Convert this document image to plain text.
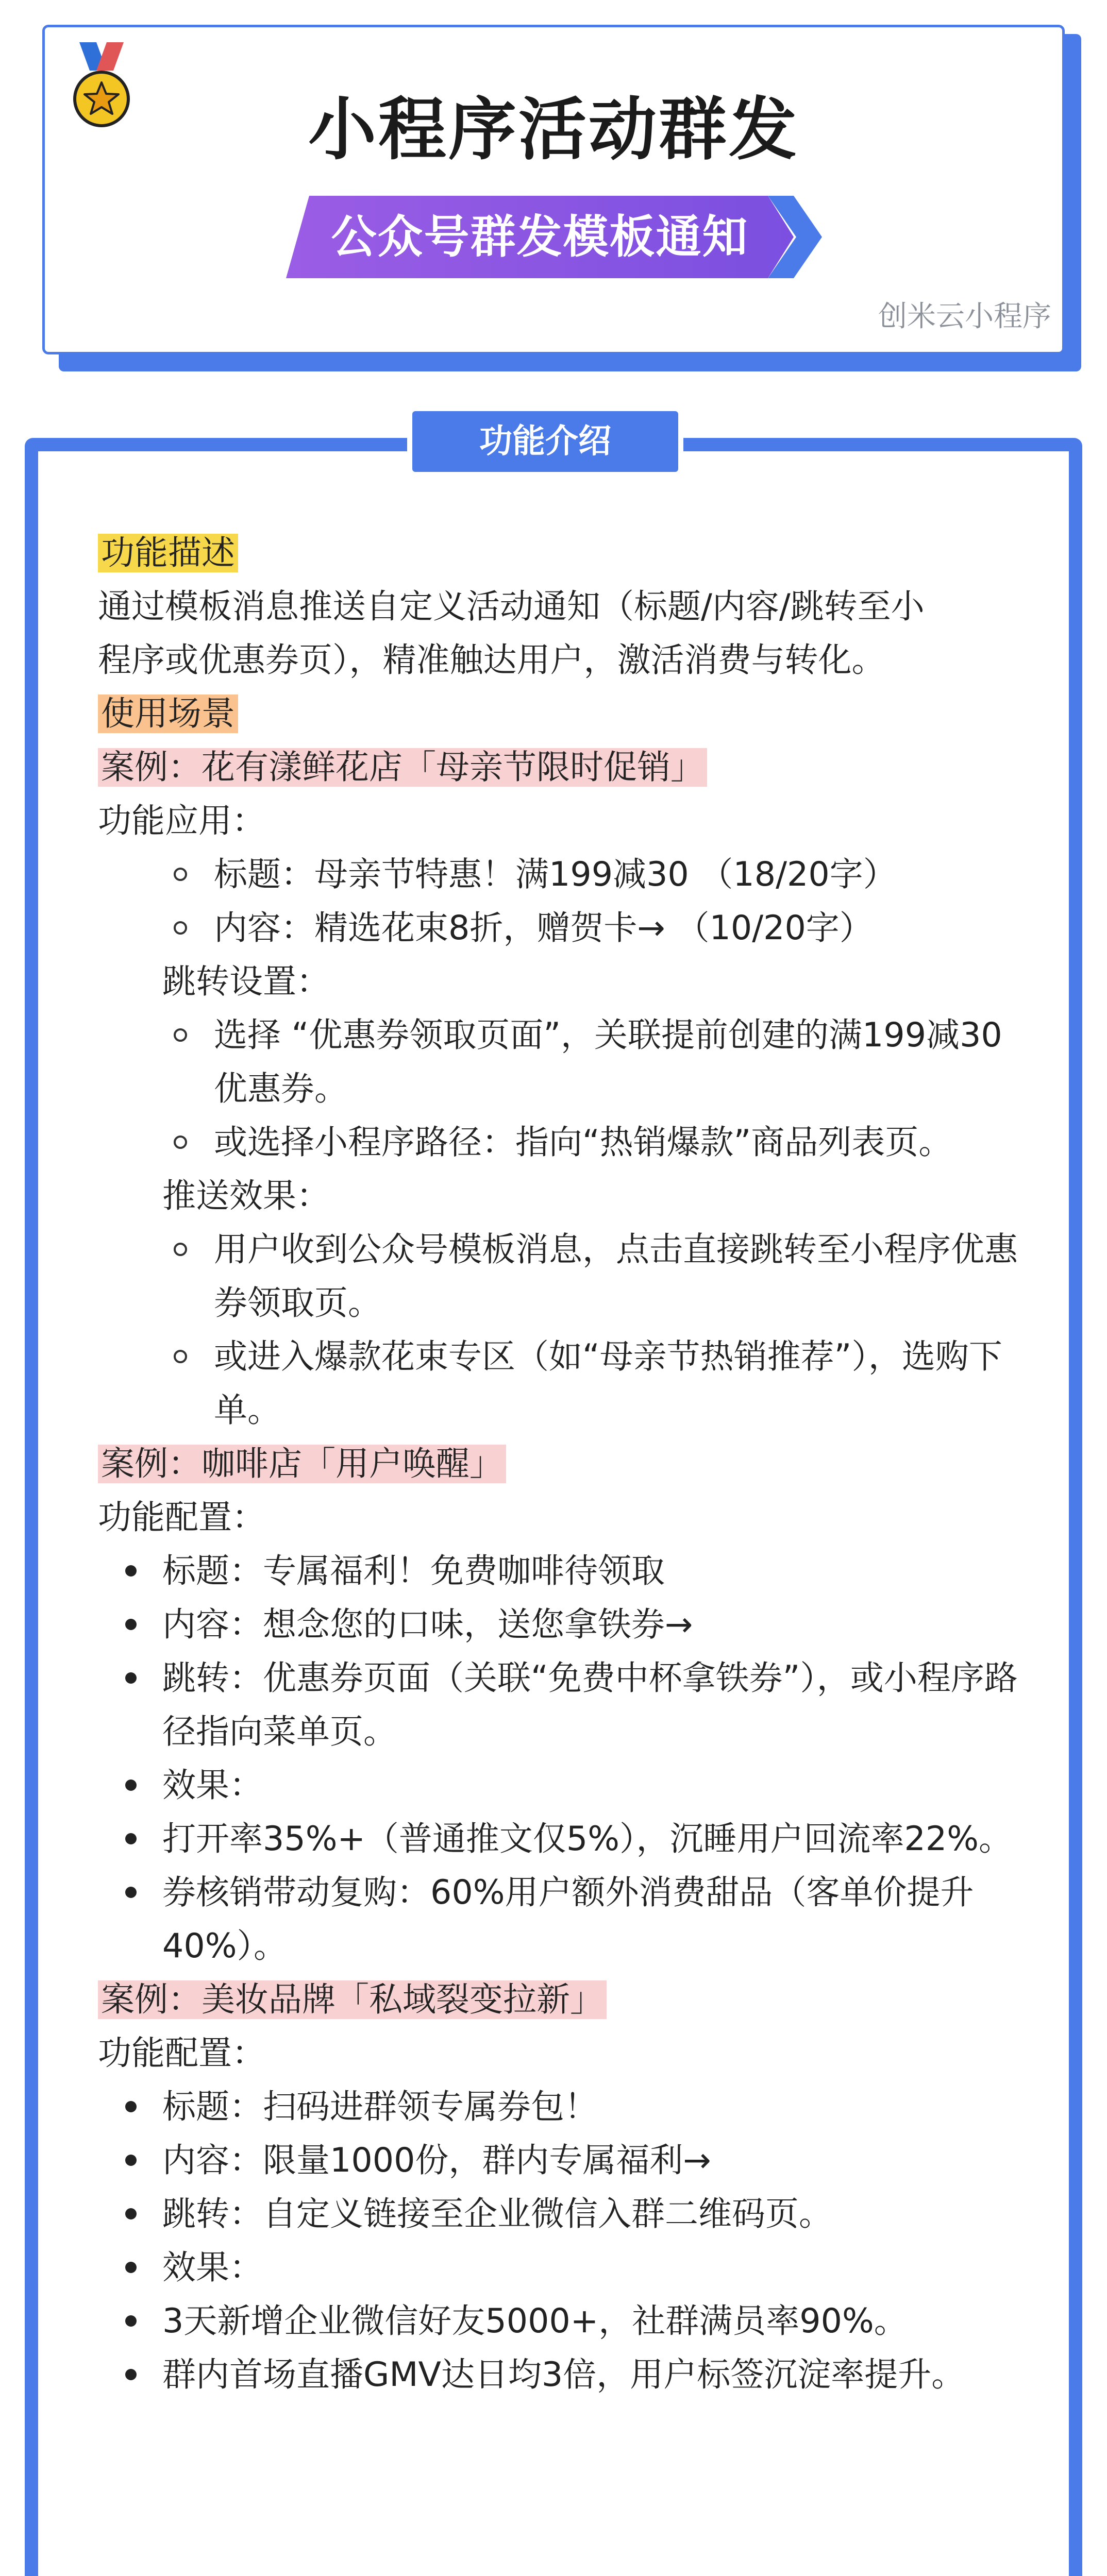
小程序活动群发
公众号群发模板通知
创米云小程序
功能介绍

功能描述

通过模板消息推送自定义活动通知（标题/内容/跳转至小

程序或优惠券页），精准触达用户，激活消费与转化。

使用场景

案例：花有漾鲜花店「母亲节限时促销」

功能应用：

标题：母亲节特惠！满199减30 （18/20字）
内容：精选花束8折，赠贺卡→ （10/20字）

跳转设置：

选择 “优惠券领取页面”，关联提前创建的满199减30优惠券。
或选择小程序路径：指向“热销爆款”商品列表页。

推送效果：

用户收到公众号模板消息，点击直接跳转至小程序优惠券领取页。
或进入爆款花束专区（如“母亲节热销推荐”），选购下单。

案例：咖啡店「用户唤醒」

功能配置：

标题：专属福利！免费咖啡待领取
内容：想念您的口味，送您拿铁券→
跳转：优惠券页面（关联“免费中杯拿铁券”），或小程序路径指向菜单页。
效果：
打开率35%+（普通推文仅5%），沉睡用户回流率22%。
券核销带动复购：60%用户额外消费甜品（客单价提升40%）。

案例：美妆品牌「私域裂变拉新」

功能配置：

标题：扫码进群领专属券包！
内容：限量1000份，群内专属福利→
跳转：自定义链接至企业微信入群二维码页。
效果：
3天新增企业微信好友5000+，社群满员率90%。
群内首场直播GMV达日均3倍，用户标签沉淀率提升。
